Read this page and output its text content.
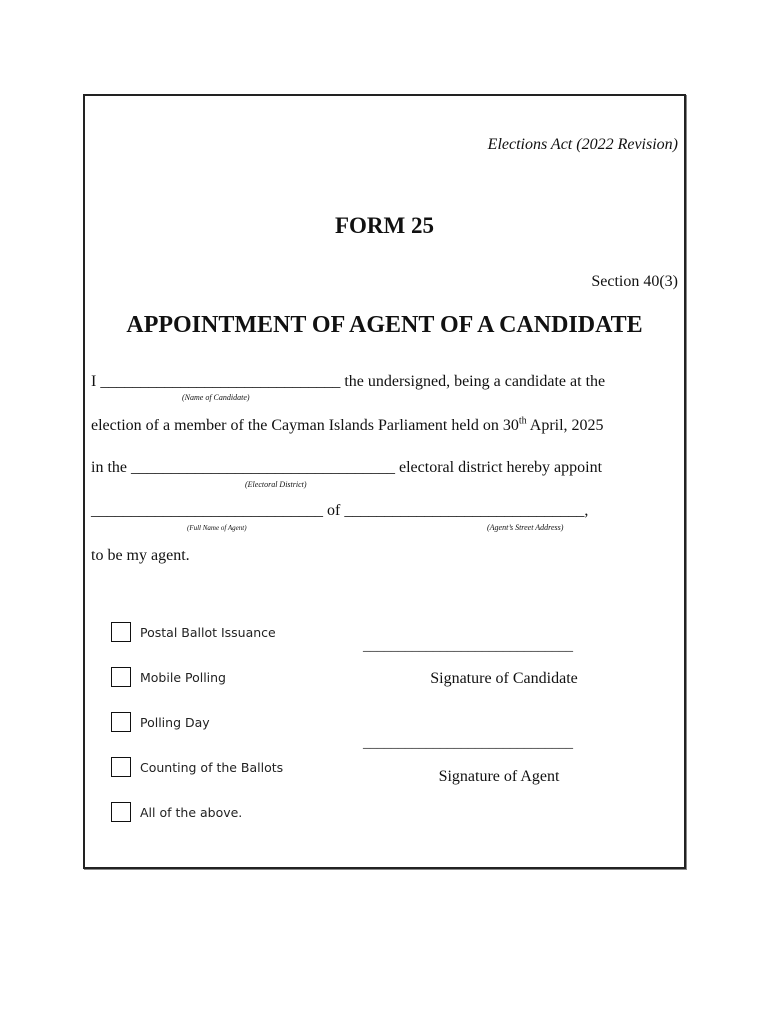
Elections Act (2022 Revision)
FORM 25
Section 40(3)
APPOINTMENT OF AGENT OF A CANDIDATE
I ______________________________ the undersigned, being a candidate at the
(Name of Candidate)
election of a member of the Cayman Islands Parliament held on 30th April, 2025
in the _________________________________ electoral district hereby appoint
(Electoral District)
_____________________________ of ______________________________,
(Full Name of Agent)	(Agent’s Street Address)
to be my agent.
Postal Ballot Issuance
Mobile Polling
Polling Day
Counting of the Ballots
All of the above.
______________________________
Signature of Candidate
______________________________
Signature of Agent
